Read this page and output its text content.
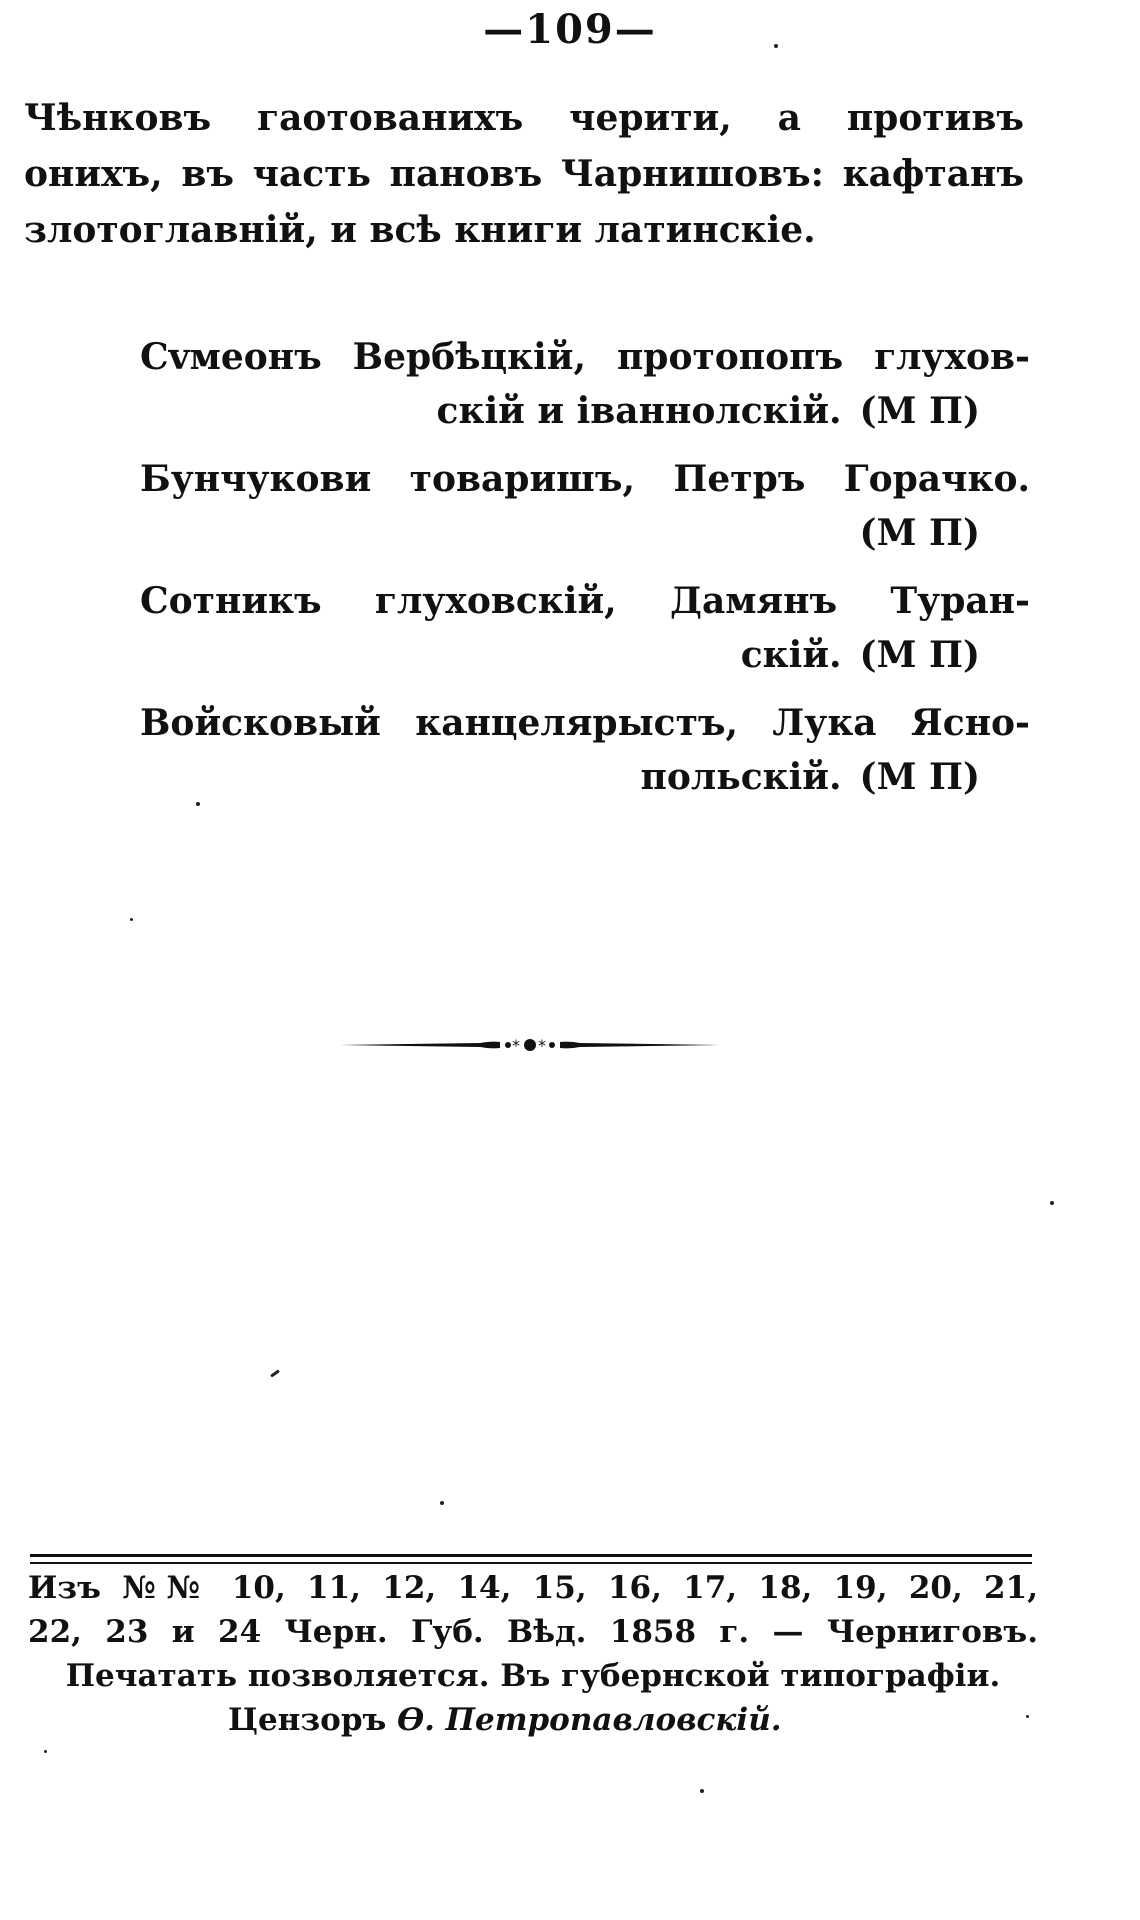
—109—
Чѣнковъ гаотованихъ черити, а противъ
онихъ, въ часть пановъ Чарнишовъ: кафтанъ
злотоглавній, и всѣ книги латинскіе.
Сvмеонъ Вербѣцкій, протопопъ глухов-
скій и іваннолскій. (М П)
Бунчукови товаришъ, Петръ Горачко.
(М П)
Сотникъ глуховскій, Дамянъ Туран-
скій. (М П)
Войсковый канцелярыстъ, Лука Ясно-
польскій. (М П)
* *
Изъ №№ 10, 11, 12, 14, 15, 16, 17, 18, 19, 20, 21,
22, 23 и 24 Черн. Губ. Вѣд. 1858 г. — Черниговъ.
Печатать позволяется. Въ губернской типографіи.
Цензоръ Ѳ. Петропавловскій.
